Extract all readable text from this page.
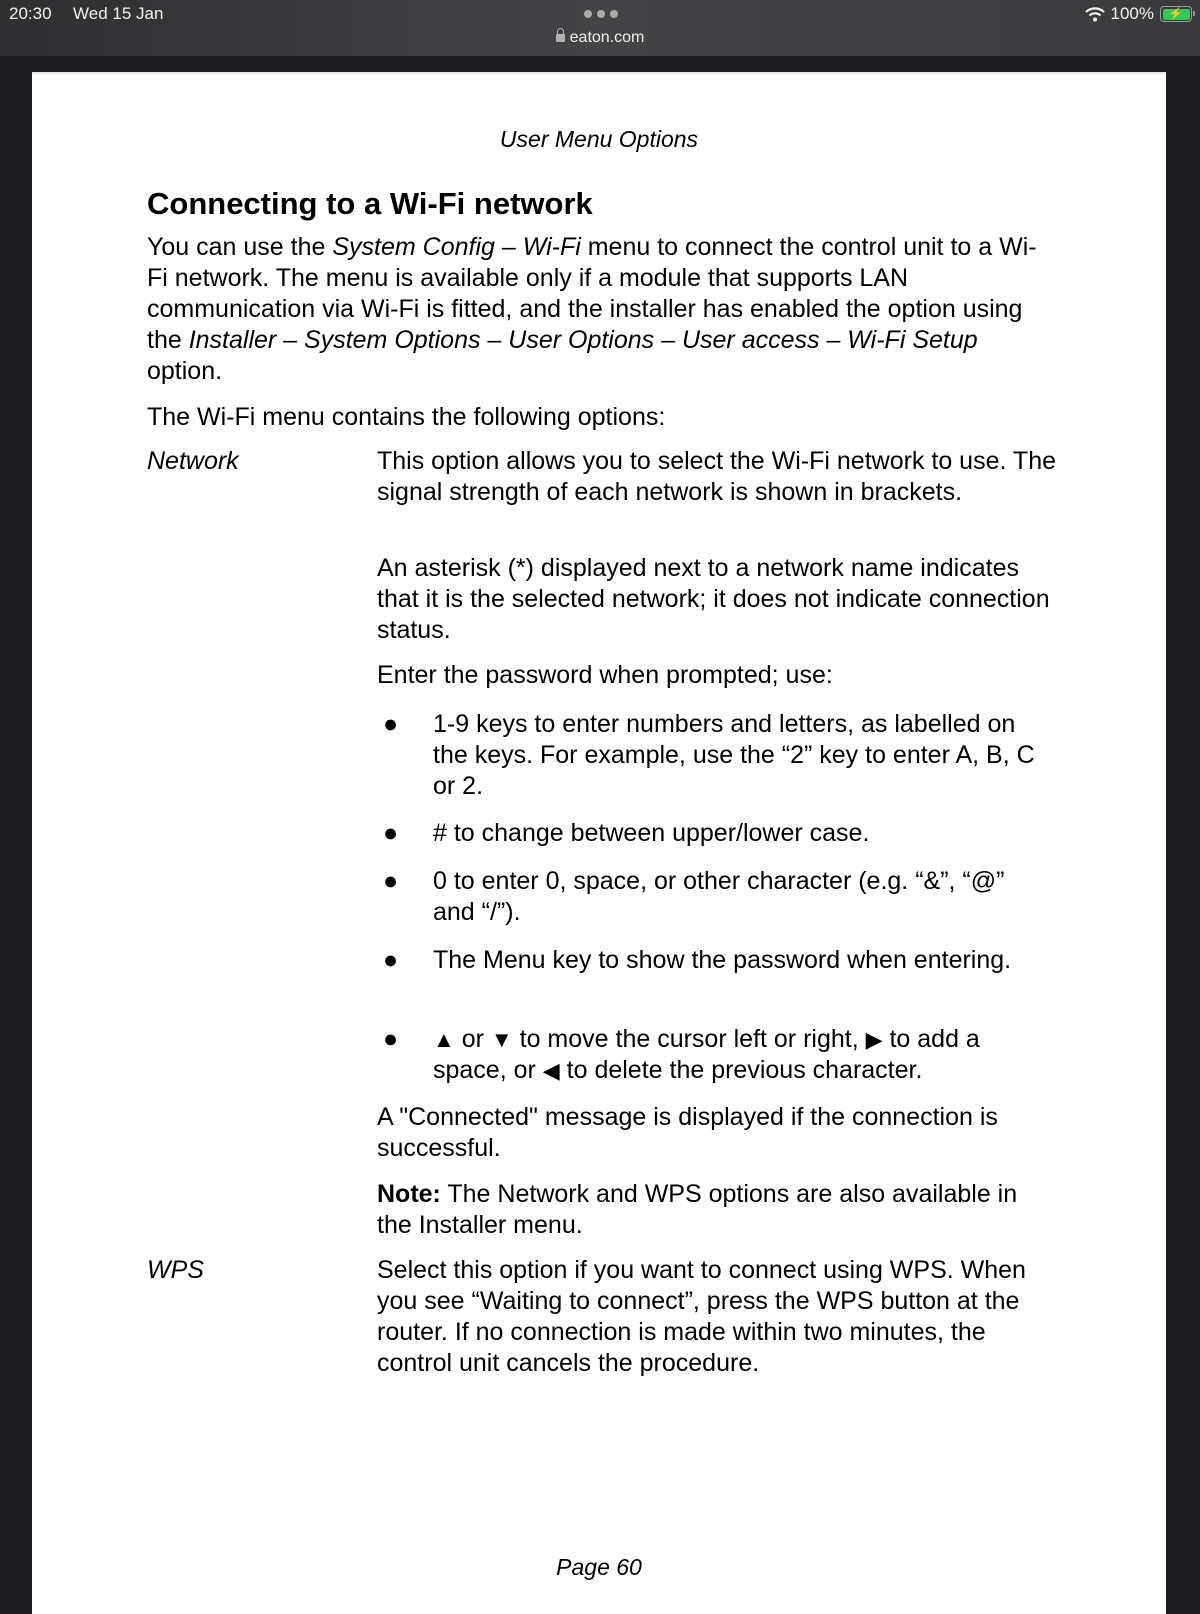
20:30 Wed 15 Jan
eaton.com
100%	⚡
User Menu Options
Connecting to a Wi-Fi network

You can use the System Config – Wi-Fi menu to connect the control unit to a Wi-Fi network. The menu is available only if a module that supports LAN communication via Wi-Fi is fitted, and the installer has enabled the option using the Installer – System Options – User Options – User access – Wi-Fi Setup option.

The Wi-Fi menu contains the following options:

Network	This option allows you to select the Wi-Fi network to use. The signal strength of each network is shown in brackets.

An asterisk (*) displayed next to a network name indicates that it is the selected network; it does not indicate connection status.

Enter the password when prompted; use:

● 1-9 keys to enter numbers and letters, as labelled on the keys. For example, use the “2” key to enter A, B, C or 2.
● # to change between upper/lower case.
● 0 to enter 0, space, or other character (e.g. “&”, “@” and “/”).
● The Menu key to show the password when entering.
● ▲ or ▼ to move the cursor left or right, ▶ to add a space, or ◀ to delete the previous character.

A "Connected" message is displayed if the connection is successful.

Note: The Network and WPS options are also available in the Installer menu.

WPS	Select this option if you want to connect using WPS. When you see “Waiting to connect”, press the WPS button at the router. If no connection is made within two minutes, the control unit cancels the procedure.

Page 60
